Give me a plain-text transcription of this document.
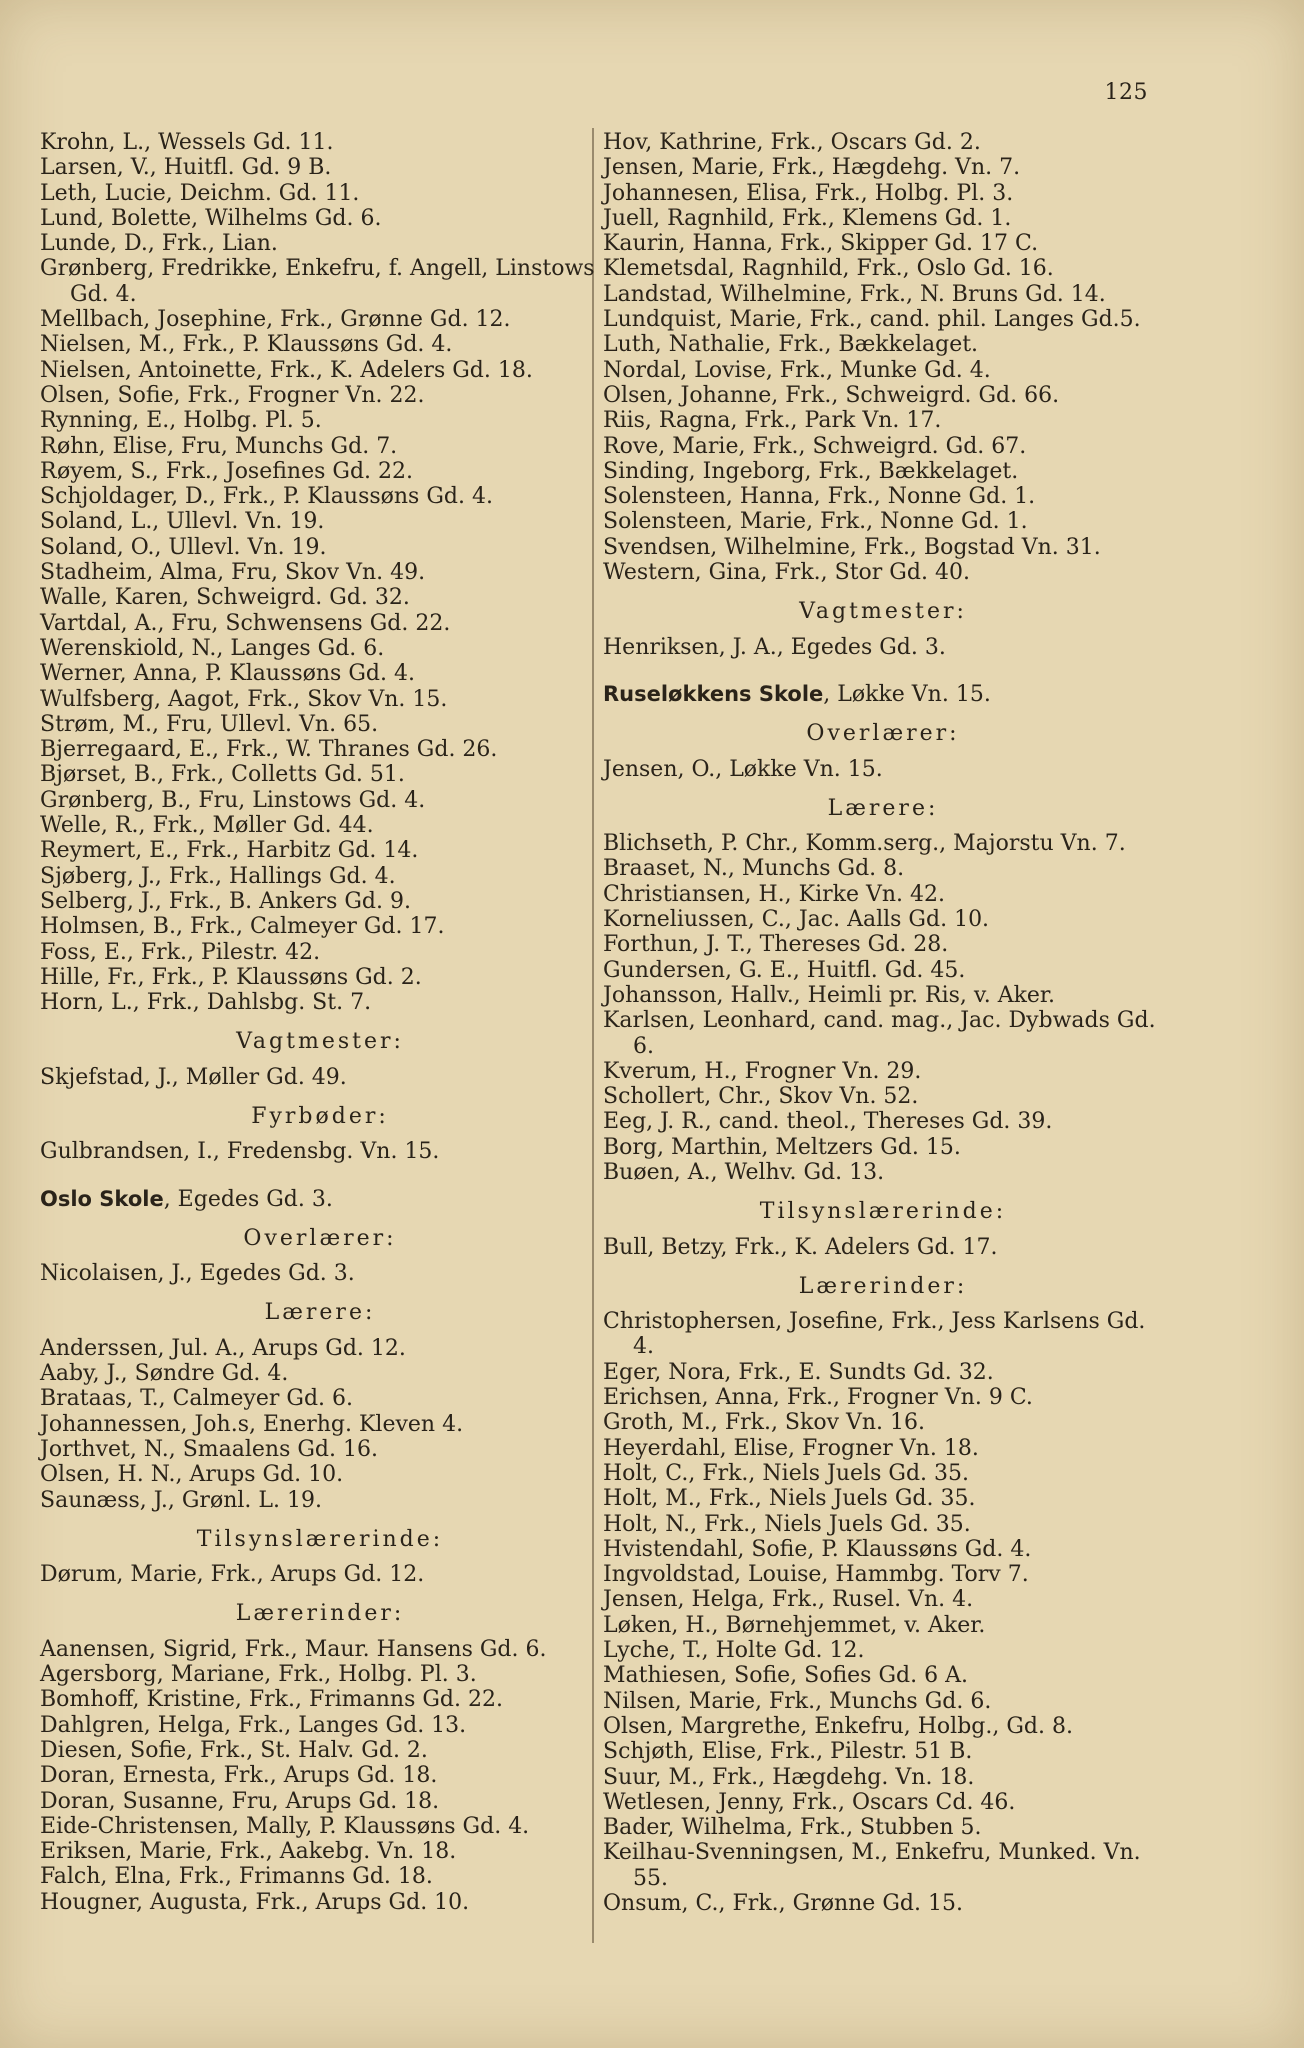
125
Krohn, L., Wessels Gd. 11.
Larsen, V., Huitfl. Gd. 9 B.
Leth, Lucie, Deichm. Gd. 11.
Lund, Bolette, Wilhelms Gd. 6.
Lunde, D., Frk., Lian.
Grønberg, Fredrikke, Enkefru, f. Angell, Linstows Gd. 4.
Mellbach, Josephine, Frk., Grønne Gd. 12.
Nielsen, M., Frk., P. Klaussøns Gd. 4.
Nielsen, Antoinette, Frk., K. Adelers Gd. 18.
Olsen, Sofie, Frk., Frogner Vn. 22.
Rynning, E., Holbg. Pl. 5.
Røhn, Elise, Fru, Munchs Gd. 7.
Røyem, S., Frk., Josefines Gd. 22.
Schjoldager, D., Frk., P. Klaussøns Gd. 4.
Soland, L., Ullevl. Vn. 19.
Soland, O., Ullevl. Vn. 19.
Stadheim, Alma, Fru, Skov Vn. 49.
Walle, Karen, Schweigrd. Gd. 32.
Vartdal, A., Fru, Schwensens Gd. 22.
Werenskiold, N., Langes Gd. 6.
Werner, Anna, P. Klaussøns Gd. 4.
Wulfsberg, Aagot, Frk., Skov Vn. 15.
Strøm, M., Fru, Ullevl. Vn. 65.
Bjerregaard, E., Frk., W. Thranes Gd. 26.
Bjørset, B., Frk., Colletts Gd. 51.
Grønberg, B., Fru, Linstows Gd. 4.
Welle, R., Frk., Møller Gd. 44.
Reymert, E., Frk., Harbitz Gd. 14.
Sjøberg, J., Frk., Hallings Gd. 4.
Selberg, J., Frk., B. Ankers Gd. 9.
Holmsen, B., Frk., Calmeyer Gd. 17.
Foss, E., Frk., Pilestr. 42.
Hille, Fr., Frk., P. Klaussøns Gd. 2.
Horn, L., Frk., Dahlsbg. St. 7.
Vagtmester:
Skjefstad, J., Møller Gd. 49.
Fyrbøder:
Gulbrandsen, I., Fredensbg. Vn. 15.
Oslo Skole, Egedes Gd. 3.
Overlærer:
Nicolaisen, J., Egedes Gd. 3.
Lærere:
Anderssen, Jul. A., Arups Gd. 12.
Aaby, J., Søndre Gd. 4.
Brataas, T., Calmeyer Gd. 6.
Johannessen, Joh.s, Enerhg. Kleven 4.
Jorthvet, N., Smaalens Gd. 16.
Olsen, H. N., Arups Gd. 10.
Saunæss, J., Grønl. L. 19.
Tilsynslærerinde:
Dørum, Marie, Frk., Arups Gd. 12.
Lærerinder:
Aanensen, Sigrid, Frk., Maur. Hansens Gd. 6.
Agersborg, Mariane, Frk., Holbg. Pl. 3.
Bomhoff, Kristine, Frk., Frimanns Gd. 22.
Dahlgren, Helga, Frk., Langes Gd. 13.
Diesen, Sofie, Frk., St. Halv. Gd. 2.
Doran, Ernesta, Frk., Arups Gd. 18.
Doran, Susanne, Fru, Arups Gd. 18.
Eide-Christensen, Mally, P. Klaussøns Gd. 4.
Eriksen, Marie, Frk., Aakebg. Vn. 18.
Falch, Elna, Frk., Frimanns Gd. 18.
Hougner, Augusta, Frk., Arups Gd. 10.
Hov, Kathrine, Frk., Oscars Gd. 2.
Jensen, Marie, Frk., Hægdehg. Vn. 7.
Johannesen, Elisa, Frk., Holbg. Pl. 3.
Juell, Ragnhild, Frk., Klemens Gd. 1.
Kaurin, Hanna, Frk., Skipper Gd. 17 C.
Klemetsdal, Ragnhild, Frk., Oslo Gd. 16.
Landstad, Wilhelmine, Frk., N. Bruns Gd. 14.
Lundquist, Marie, Frk., cand. phil. Langes Gd.5.
Luth, Nathalie, Frk., Bækkelaget.
Nordal, Lovise, Frk., Munke Gd. 4.
Olsen, Johanne, Frk., Schweigrd. Gd. 66.
Riis, Ragna, Frk., Park Vn. 17.
Rove, Marie, Frk., Schweigrd. Gd. 67.
Sinding, Ingeborg, Frk., Bækkelaget.
Solensteen, Hanna, Frk., Nonne Gd. 1.
Solensteen, Marie, Frk., Nonne Gd. 1.
Svendsen, Wilhelmine, Frk., Bogstad Vn. 31.
Western, Gina, Frk., Stor Gd. 40.
Vagtmester:
Henriksen, J. A., Egedes Gd. 3.
Ruseløkkens Skole, Løkke Vn. 15.
Overlærer:
Jensen, O., Løkke Vn. 15.
Lærere:
Blichseth, P. Chr., Komm.serg., Majorstu Vn. 7.
Braaset, N., Munchs Gd. 8.
Christiansen, H., Kirke Vn. 42.
Korneliussen, C., Jac. Aalls Gd. 10.
Forthun, J. T., Thereses Gd. 28.
Gundersen, G. E., Huitfl. Gd. 45.
Johansson, Hallv., Heimli pr. Ris, v. Aker.
Karlsen, Leonhard, cand. mag., Jac. Dybwads Gd. 6.
Kverum, H., Frogner Vn. 29.
Schollert, Chr., Skov Vn. 52.
Eeg, J. R., cand. theol., Thereses Gd. 39.
Borg, Marthin, Meltzers Gd. 15.
Buøen, A., Welhv. Gd. 13.
Tilsynslærerinde:
Bull, Betzy, Frk., K. Adelers Gd. 17.
Lærerinder:
Christophersen, Josefine, Frk., Jess Karlsens Gd. 4.
Eger, Nora, Frk., E. Sundts Gd. 32.
Erichsen, Anna, Frk., Frogner Vn. 9 C.
Groth, M., Frk., Skov Vn. 16.
Heyerdahl, Elise, Frogner Vn. 18.
Holt, C., Frk., Niels Juels Gd. 35.
Holt, M., Frk., Niels Juels Gd. 35.
Holt, N., Frk., Niels Juels Gd. 35.
Hvistendahl, Sofie, P. Klaussøns Gd. 4.
Ingvoldstad, Louise, Hammbg. Torv 7.
Jensen, Helga, Frk., Rusel. Vn. 4.
Løken, H., Børnehjemmet, v. Aker.
Lyche, T., Holte Gd. 12.
Mathiesen, Sofie, Sofies Gd. 6 A.
Nilsen, Marie, Frk., Munchs Gd. 6.
Olsen, Margrethe, Enkefru, Holbg., Gd. 8.
Schjøth, Elise, Frk., Pilestr. 51 B.
Suur, M., Frk., Hægdehg. Vn. 18.
Wetlesen, Jenny, Frk., Oscars Cd. 46.
Bader, Wilhelma, Frk., Stubben 5.
Keilhau-Svenningsen, M., Enkefru, Munked. Vn. 55.
Onsum, C., Frk., Grønne Gd. 15.
